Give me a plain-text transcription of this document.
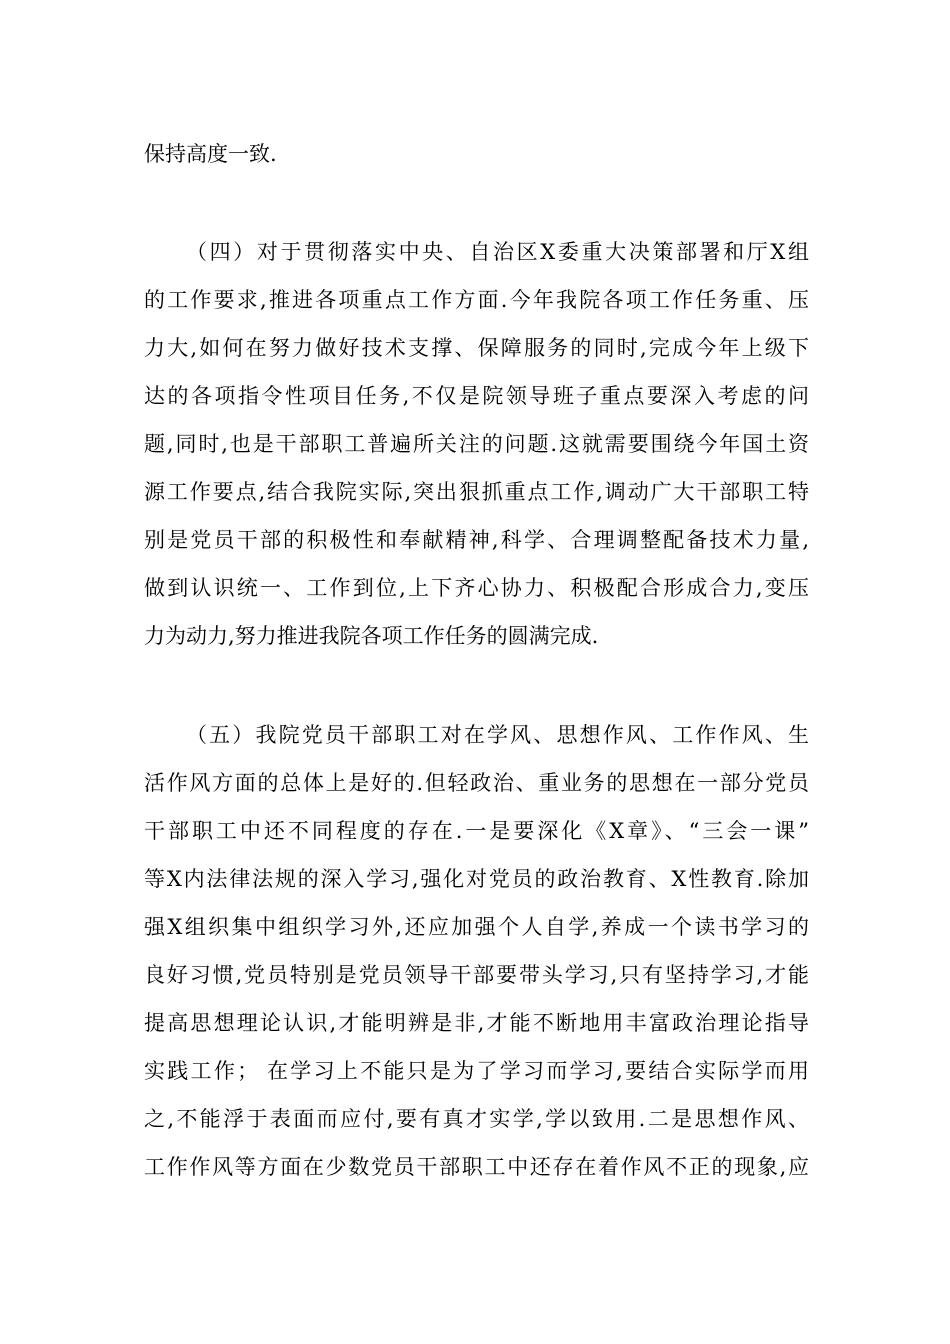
保持高度一致.
（四）对于贯彻落实中央、自治区X委重大决策部署和厅X组
的工作要求,推进各项重点工作方面.今年我院各项工作任务重、压
力大,如何在努力做好技术支撑、保障服务的同时,完成今年上级下
达的各项指令性项目任务,不仅是院领导班子重点要深入考虑的问
题,同时,也是干部职工普遍所关注的问题.这就需要围绕今年国土资
源工作要点,结合我院实际,突出狠抓重点工作,调动广大干部职工特
别是党员干部的积极性和奉献精神,科学、合理调整配备技术力量,
做到认识统一、工作到位,上下齐心协力、积极配合形成合力,变压
力为动力,努力推进我院各项工作任务的圆满完成.
（五）我院党员干部职工对在学风、思想作风、工作作风、生
活作风方面的总体上是好的.但轻政治、重业务的思想在一部分党员
干部职工中还不同程度的存在.一是要深化《X章》、“三会一课”
等X内法律法规的深入学习,强化对党员的政治教育、X性教育.除加
强X组织集中组织学习外,还应加强个人自学,养成一个读书学习的
良好习惯,党员特别是党员领导干部要带头学习,只有坚持学习,才能
提高思想理论认识,才能明辨是非,才能不断地用丰富政治理论指导
实践工作； 在学习上不能只是为了学习而学习,要结合实际学而用
之,不能浮于表面而应付,要有真才实学,学以致用.二是思想作风、
工作作风等方面在少数党员干部职工中还存在着作风不正的现象,应
